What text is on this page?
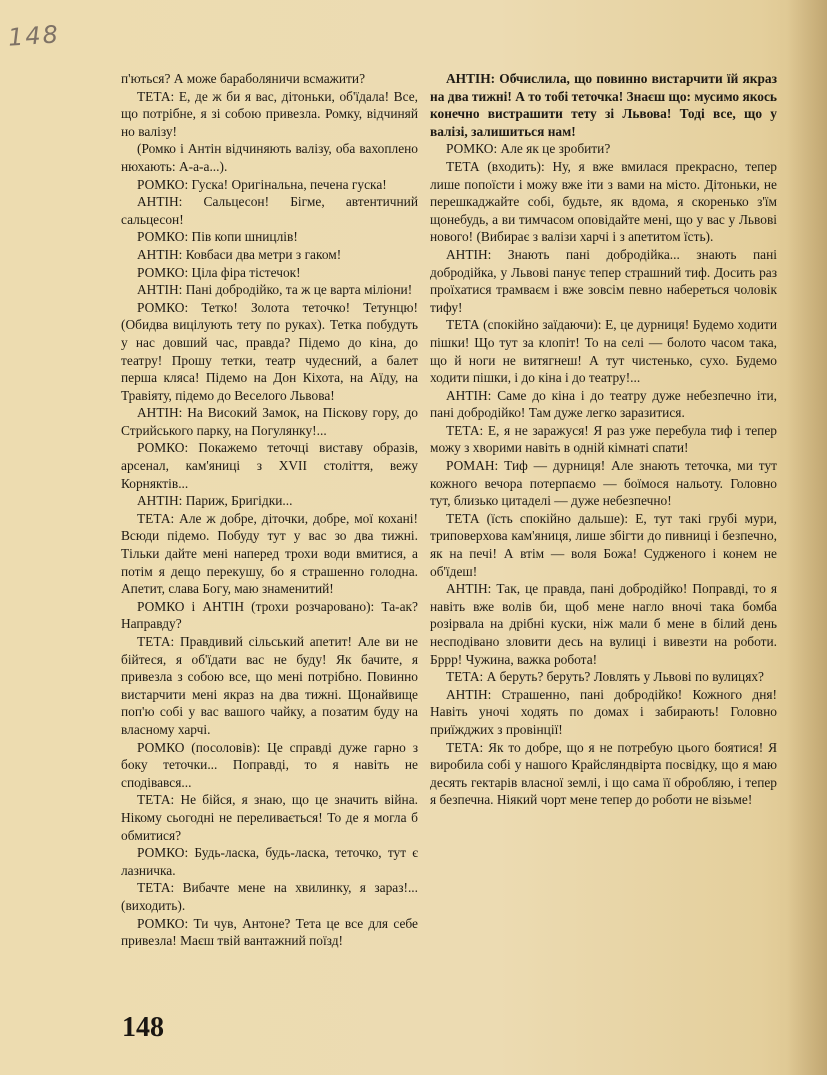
148

п'ються? А може бараболяничи всмажити?

ТЕТА: Е, де ж би я вас, дітоньки, об'їдала! Все, що потрібне, я зі собою привезла. Ромку, відчиняй но валізу!

(Ромко і Антін відчиняють валізу, оба вахоплено нюхають: А-а-а...).

РОМКО: Гуска! Оригінальна, печена гуска!

АНТІН: Сальцесон! Бігме, автентичний сальцесон!

РОМКО: Пів копи шницлів!

АНТІН: Ковбаси два метри з гаком!

РОМКО: Ціла фіра тістечок!

АНТІН: Пані добродійко, та ж це варта міліони!

РОМКО: Тетко! Золота теточко! Тетунцю! (Обидва вицілують тету по руках). Тетка побудуть у нас довший час, правда? Підемо до кіна, до театру! Прошу тетки, театр чудесний, а балет перша кляса! Підемо на Дон Кіхота, на Аїду, на Травіяту, підемо до Веселого Львова!

АНТІН: На Високий Замок, на Пісковy гору, до Стрийського парку, на Погулянку!...

РОМКО: Покажемо теточці виставу образів, арсенал, кам'яниці з XVII століття, вежу Корняктів...

АНТІН: Париж, Бригідки...

ТЕТА: Але ж добре, діточки, добре, мої кохані! Всюди підемо. Побуду тут у вас зо два тижні. Тільки дайте мені наперед трохи води вмитися, а потім я дещо перекушу, бо я страшенно голодна. Апетит, слава Богу, маю знаменитий!

РОМКО і АНТІН (трохи розчаровано): Та-ак? Направду?

ТЕТА: Правдивий сільський апетит! Але ви не бійтеся, я об'їдати вас не буду! Як бачите, я привезла з собою все, що мені потрібно. Повинно вистарчити мені якраз на два тижні. Щонайвище поп'ю собі у вас вашого чайку, а позатим буду на власному харчі.

РОМКО (посоловів): Це справді дуже гарно з боку теточки... Поправді, то я навіть не сподівався...

ТЕТА: Не бійся, я знаю, що це значить війна. Нікому сьогодні не переливається! То де я могла б обмитися?

РОМКО: Будь-ласка, будь-ласка, теточко, тут є лазничка.

ТЕТА: Вибачте мене на хвилинку, я зараз!... (виходить).

РОМКО: Ти чув, Антоне? Тета це все для себе привезла! Маєш твій вантажний поїзд!

АНТІН: Обчислила, що повинно вистарчити їй якраз на два тижні! А то тобі теточка! Знаєш що: мусимо якось конечно вистрашити тету зі Львова! Тоді все, що у валізі, залишиться нам!

РОМКО: Але як це зробити?

ТЕТА (входить): Ну, я вже вмилася прекрасно, тепер лише попоїсти і можу вже іти з вами на місто. Дітоньки, не перешкаджайте собі, будьте, як вдома, я скоренько з'їм щонебудь, а ви тимчасом оповідайте мені, що у вас у Львові нового! (Вибирає з валізи харчі і з апетитом їсть).

АНТІН: Знають пані добродійка... знають пані добродійка, у Львові панує тепер страшний тиф. Досить раз проїхатися трамваєм і вже зовсім певно набереться чоловік тифу!

ТЕТА (спокійно заїдаючи): Е, це дурниця! Будемо ходити пішки! Що тут за клопіт! То на селі — болото часом така, що й ноги не витягнеш! А тут чистенько, сухо. Будемо ходити пішки, і до кіна і до театру!...

АНТІН: Саме до кіна і до театру дуже небезпечно іти, пані добродійко! Там дуже легко заразитися.

ТЕТА: Е, я не заражуся! Я раз уже перебула тиф і тепер можу з хворими навіть в одній кімнаті спати!

РОМАН: Тиф — дурниця! Але знають теточка, ми тут кожного вечора потерпаємо — боїмося нальоту. Головно тут, близько цитаделі — дуже небезпечно!

ТЕТА (їсть спокійно дальше): Е, тут такі грубі мури, триповерхова кам'яниця, лише збігти до пивниці і безпечно, як на печі! А втім — воля Божа! Судженого і конем не об'їдеш!

АНТІН: Так, це правда, пані добродійко! Поправді, то я навіть вже волів би, щоб мене нагло вночі така бомба розірвала на дрібні куски, ніж мали б мене в білий день несподівано зловити десь на вулиці і вивезти на роботи. Бррр! Чужина, важка робота!

ТЕТА: А беруть? беруть? Ловлять у Львові по вулицях?

АНТІН: Страшенно, пані добродійко! Кожного дня! Навіть уночі ходять по домах і забирають! Головно приїжджих з провінції!

ТЕТА: Як то добре, що я не потребую цього боятися! Я виробила собі у нашого Крайсляндвірта посвідку, що я маю десять гектарів власної землі, і що сама її обробляю, і тепер я безпечна. Ніякий чорт мене тепер до роботи не візьме!

148
